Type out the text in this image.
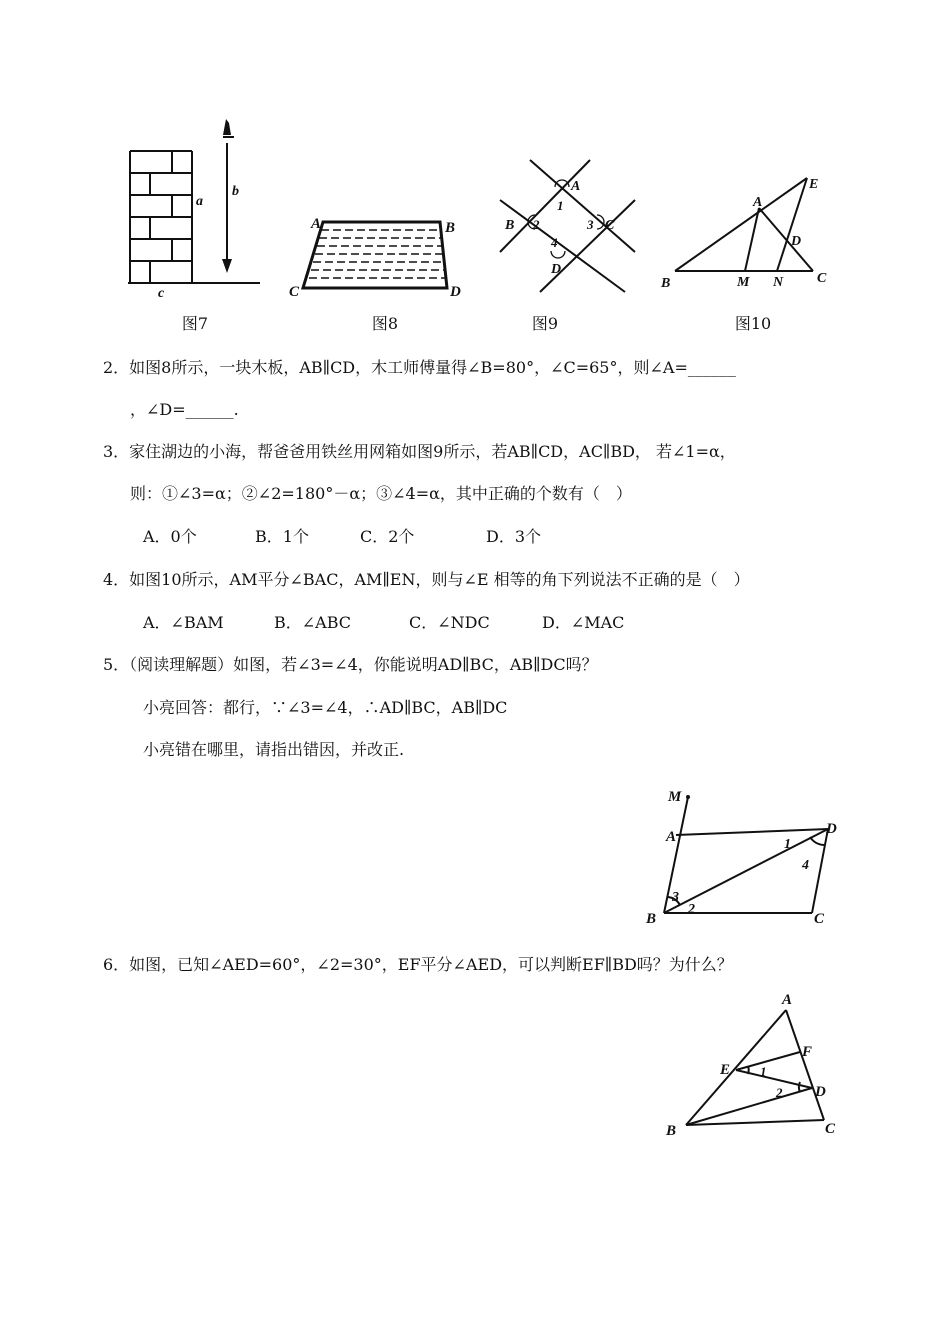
a
b
c
图7
A	B
C	D
图8
A
1
B 2	3 C
4
D
图9
E
A
D
B	M N C
图10
2．如图8所示，一块木板，AB∥CD，木工师傅量得∠B=80°，∠C=65°，则∠A=______
，∠D=______.
3．家住湖边的小海，帮爸爸用铁丝用网箱如图9所示，若AB∥CD，AC∥BD， 若∠1=α，
则：①∠3=α；②∠2=180°－α；③∠4=α，其中正确的个数有（　）
A．0个	B．1个	C．2个	D．3个
4．如图10所示，AM平分∠BAC，AM∥EN，则与∠E 相等的角下列说法不正确的是（　）
A．∠BAM	B．∠ABC	C．∠NDC	D．∠MAC
5．（阅读理解题）如图，若∠3=∠4，你能说明AD∥BC，AB∥DC吗？
小亮回答：都行，∵∠3=∠4，∴AD∥BC，AB∥DC
小亮错在哪里，请指出错因，并改正.
M
A	D
1
4
3
2
B	C
6．如图，已知∠AED=60°，∠2=30°，EF平分∠AED，可以判断EF∥BD吗？为什么？
A
F
E 1
2 D
B	C
